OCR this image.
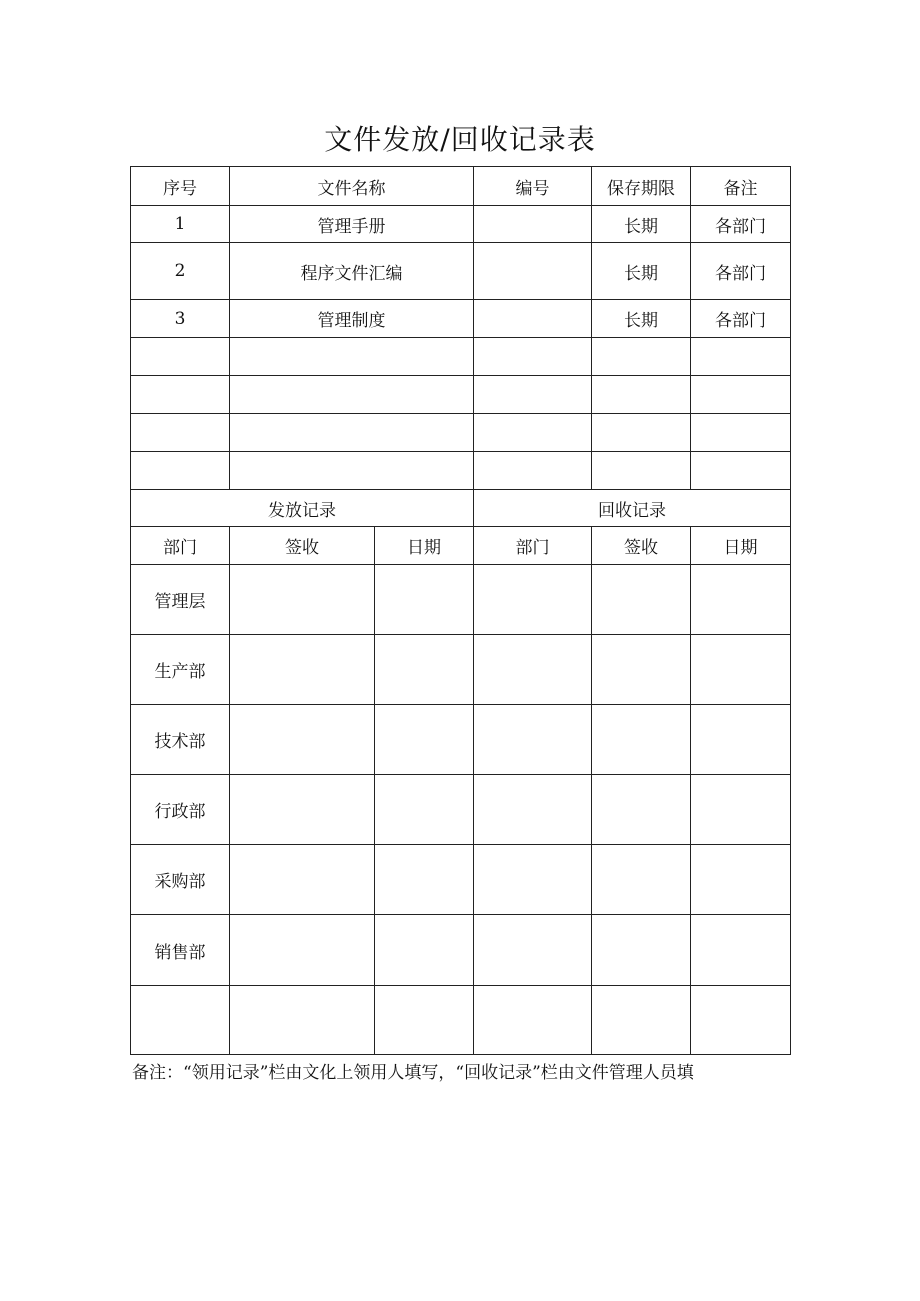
文件发放/回收记录表
序号	文件名称		编号	保存期限	备注
1	管理手册			长期	各部门
2	程序文件汇编			长期	各部门
3	管理制度			长期	各部门

发放记录			回收记录		
部门	签收	日期	部门	签收	日期
管理层					
生产部					
技术部					
行政部					
采购部					
销售部					

备注：“领用记录”栏由文化上领用人填写，“回收记录”栏由文件管理人员填
